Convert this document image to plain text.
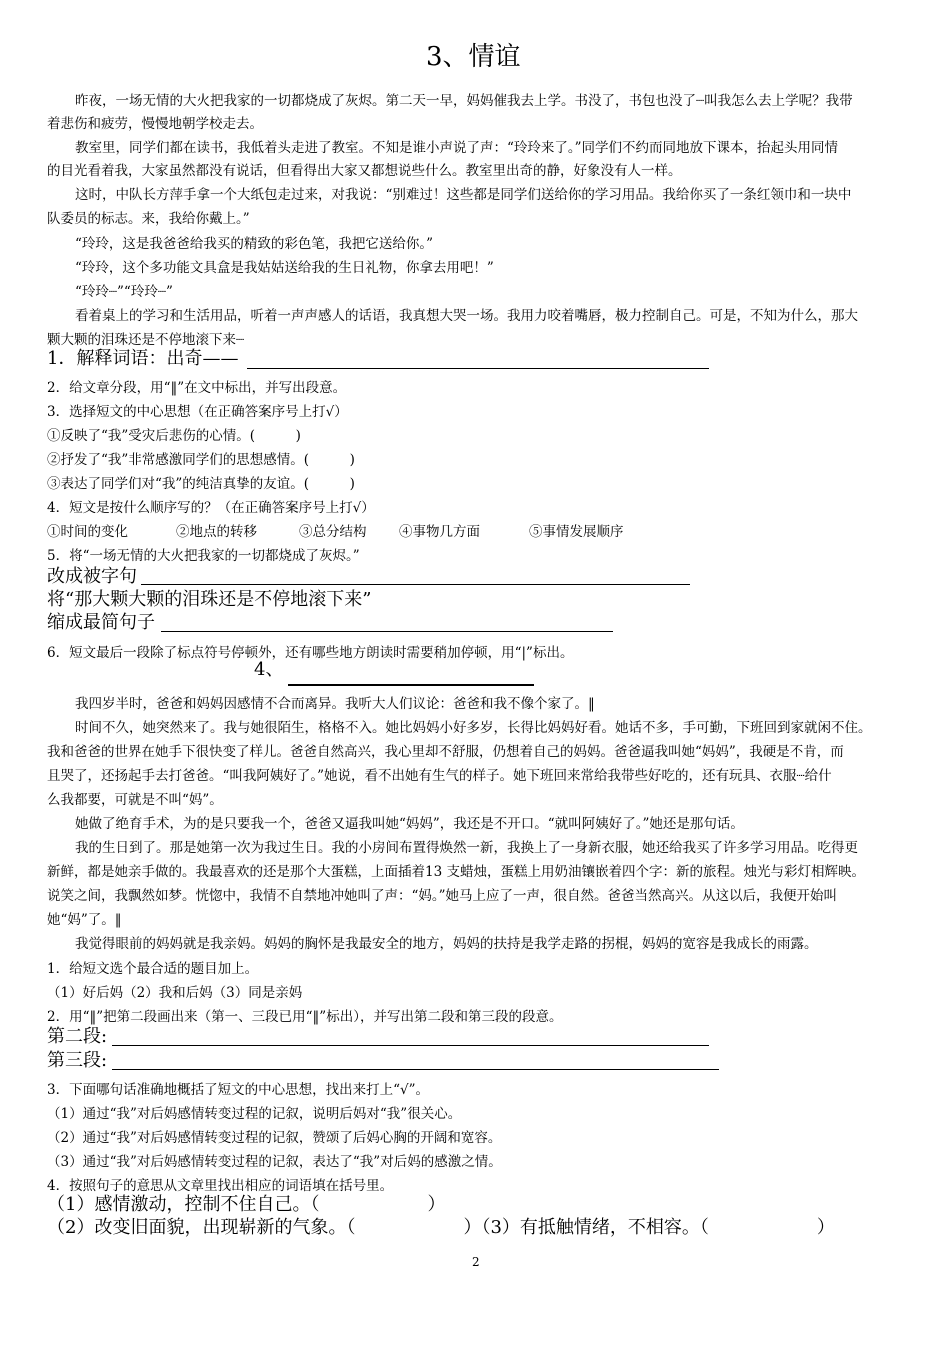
3、情谊
昨夜，一场无情的大火把我家的一切都烧成了灰烬。第二天一早，妈妈催我去上学。书没了，书包也没了┈叫我怎么去上学呢？我带
着悲伤和疲劳，慢慢地朝学校走去。
教室里，同学们都在读书，我低着头走进了教室。不知是谁小声说了声：“玲玲来了。”同学们不约而同地放下课本，抬起头用同情
的目光看着我，大家虽然都没有说话，但看得出大家又都想说些什么。教室里出奇的静，好象没有人一样。
这时，中队长方萍手拿一个大纸包走过来，对我说：“别难过！这些都是同学们送给你的学习用品。我给你买了一条红领巾和一块中
队委员的标志。来，我给你戴上。”
“玲玲，这是我爸爸给我买的精致的彩色笔，我把它送给你。”
“玲玲，这个多功能文具盒是我姑姑送给我的生日礼物，你拿去用吧！”
“玲玲┈”“玲玲┈”
看着桌上的学习和生活用品，听着一声声感人的话语，我真想大哭一场。我用力咬着嘴唇，极力控制自己。可是，不知为什么，那大
颗大颗的泪珠还是不停地滚下来┈
1．解释词语：出奇——
2．给文章分段，用“‖”在文中标出，并写出段意。
3．选择短文的中心思想（在正确答案序号上打√）
①反映了“我”受灾后悲伤的心情。(　　　)
②抒发了“我”非常感激同学们的思想感情。(　　　)
③表达了同学们对“我”的纯洁真挚的友谊。(　　　)
4．短文是按什么顺序写的？（在正确答案序号上打√）
①时间的变化	②地点的转移	③总分结构 ④事物几方面	⑤事情发展顺序
5．将“一场无情的大火把我家的一切都烧成了灰烬。”
改成被字句
将“那大颗大颗的泪珠还是不停地滚下来”
缩成最简句子
6．短文最后一段除了标点符号停顿外，还有哪些地方朗读时需要稍加停顿，用“|”标出。
4、
我四岁半时，爸爸和妈妈因感情不合而离异。我听大人们议论：爸爸和我不像个家了。‖
时间不久，她突然来了。我与她很陌生，格格不入。她比妈妈小好多岁，长得比妈妈好看。她话不多，手可勤，下班回到家就闲不住。
我和爸爸的世界在她手下很快变了样儿。爸爸自然高兴，我心里却不舒服，仍想着自己的妈妈。爸爸逼我叫她“妈妈”，我硬是不肯，而
且哭了，还扬起手去打爸爸。“叫我阿姨好了。”她说，看不出她有生气的样子。她下班回来常给我带些好吃的，还有玩具、衣服┈给什
么我都要，可就是不叫“妈”。
她做了绝育手术，为的是只要我一个，爸爸又逼我叫她“妈妈”，我还是不开口。“就叫阿姨好了。”她还是那句话。
我的生日到了。那是她第一次为我过生日。我的小房间布置得焕然一新，我换上了一身新衣服，她还给我买了许多学习用品。吃得更
新鲜，都是她亲手做的。我最喜欢的还是那个大蛋糕，上面插着13 支蜡烛，蛋糕上用奶油镶嵌着四个字：新的旅程。烛光与彩灯相辉映。
说笑之间，我飘然如梦。恍惚中，我情不自禁地冲她叫了声：“妈。”她马上应了一声，很自然。爸爸当然高兴。从这以后，我便开始叫
她“妈”了。‖
我觉得眼前的妈妈就是我亲妈。妈妈的胸怀是我最安全的地方，妈妈的扶持是我学走路的拐棍，妈妈的宽容是我成长的雨露。
1．给短文选个最合适的题目加上。
（1）好后妈（2）我和后妈（3）同是亲妈
2．用“‖”把第二段画出来（第一、三段已用“‖”标出），并写出第二段和第三段的段意。
第二段:
第三段:
3．下面哪句话准确地概括了短文的中心思想，找出来打上“√”。
（1）通过“我”对后妈感情转变过程的记叙，说明后妈对“我”很关心。
（2）通过“我”对后妈感情转变过程的记叙，赞颂了后妈心胸的开阔和宽容。
（3）通过“我”对后妈感情转变过程的记叙，表达了“我”对后妈的感激之情。
4．按照句子的意思从文章里找出相应的词语填在括号里。
（1）感情激动，控制不住自己。（　　　　　　）
（2）改变旧面貌，出现崭新的气象。（　　　　　　）（3）有抵触情绪，不相容。（　　　　　　）
2
